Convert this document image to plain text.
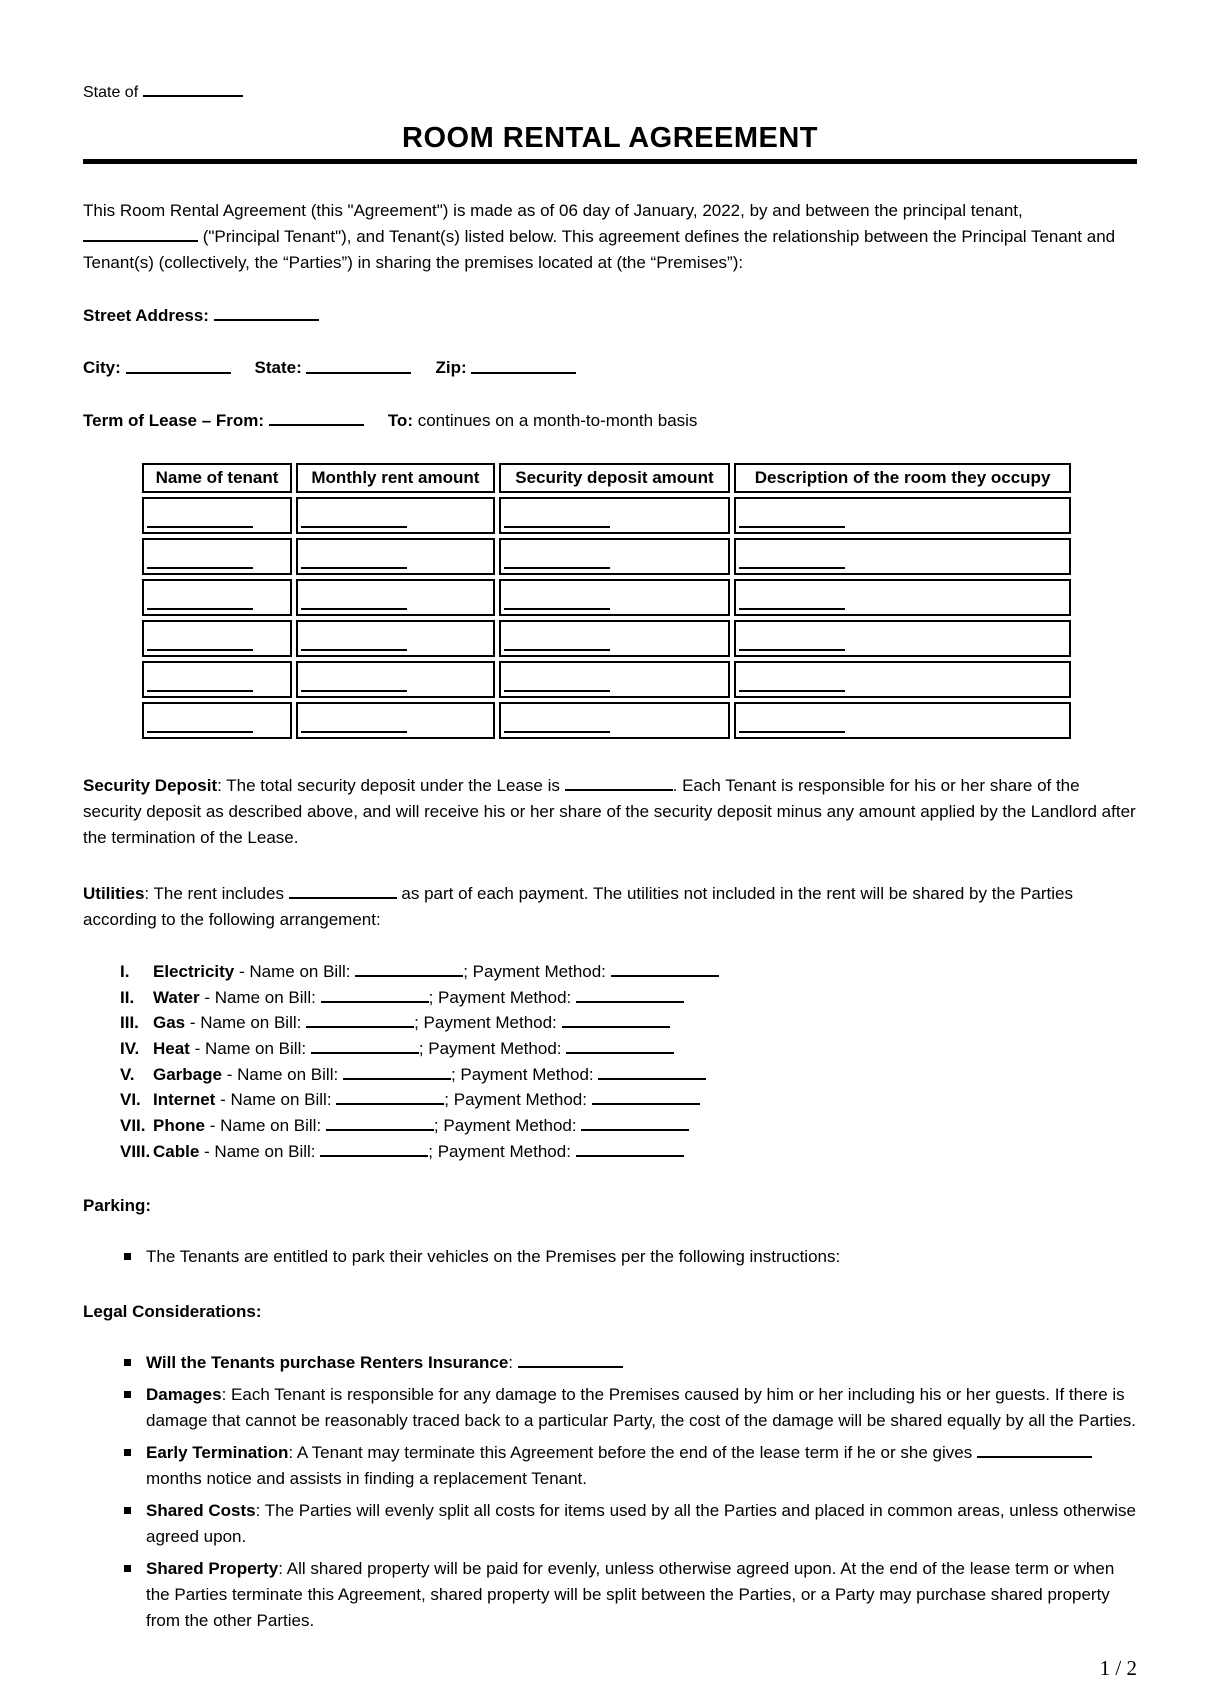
State of

ROOM RENTAL AGREEMENT

This Room Rental Agreement (this "Agreement") is made as of 06 day of January, 2022, by and between the principal tenant,  ("Principal Tenant"), and Tenant(s) listed below. This agreement defines the relationship between the Principal Tenant and Tenant(s) (collectively, the “Parties”) in sharing the premises located at (the “Premises”):

Street Address:

City:	State:	Zip:

Term of Lease – From:	To: continues on a month-to-month basis

Name of tenant	Monthly rent amount	Security deposit amount	Description of the room they occupy

Security Deposit: The total security deposit under the Lease is	. Each Tenant is responsible for his or her share of the security deposit as described above, and will receive his or her share of the security deposit minus any amount applied by the Landlord after the termination of the Lease.

Utilities: The rent includes	as part of each payment. The utilities not included in the rent will be shared by the Parties according to the following arrangement:

I.	Electricity - Name on Bill:	; Payment Method:
II.	Water - Name on Bill:	; Payment Method:
III. Gas - Name on Bill:	; Payment Method:
IV. Heat - Name on Bill:	; Payment Method:
V.	Garbage - Name on Bill:	; Payment Method:
VI. Internet - Name on Bill:	; Payment Method:
VII. Phone - Name on Bill:	; Payment Method:
VIII. Cable - Name on Bill:	; Payment Method:

Parking:

The Tenants are entitled to park their vehicles on the Premises per the following instructions:

Legal Considerations:

Will the Tenants purchase Renters Insurance:
Damages: Each Tenant is responsible for any damage to the Premises caused by him or her including his or her guests. If there is damage that cannot be reasonably traced back to a particular Party, the cost of the damage will be shared equally by all the Parties.
Early Termination: A Tenant may terminate this Agreement before the end of the lease term if he or she gives  months notice and assists in finding a replacement Tenant.
Shared Costs: The Parties will evenly split all costs for items used by all the Parties and placed in common areas, unless otherwise agreed upon.
Shared Property: All shared property will be paid for evenly, unless otherwise agreed upon. At the end of the lease term or when the Parties terminate this Agreement, shared property will be split between the Parties, or a Party may purchase shared property from the other Parties.
1 / 2
